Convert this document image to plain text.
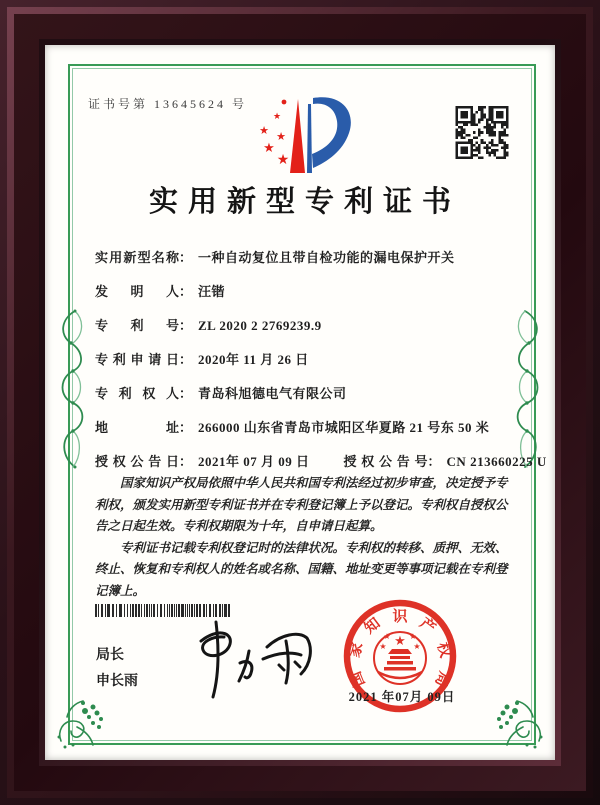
证书号第 13645624 号
★
★ ★
★
★
实用新型专利证书
实用新型名称 ： 一种自动复位且带自检功能的漏电保护开关
发明人 ： 汪锴
专利号 ： ZL 2020 2 2769239.9
专利申请日 ： 2020年 11 月 26 日
专利权人 ： 青岛科旭德电气有限公司
地址 ： 266000 山东省青岛市城阳区华夏路 21 号东 50 米
授权公告日 ： 2021年 07 月 09 日	授权公告号 ： CN 213660225 U

国家知识产权局依照中华人民共和国专利法经过初步审查，决定授予专利权，颁发实用新型专利证书并在专利登记簿上予以登记。专利权自授权公告之日起生效。专利权期限为十年，自申请日起算。

专利证书记载专利权登记时的法律状况。专利权的转移、质押、无效、终止、恢复和专利权人的姓名或名称、国籍、地址变更等事项记载在专利登记簿上。

局长
申长雨
★
★ ★
★	★
国
家
知 识 产
权
局
2021 年07月 09日
